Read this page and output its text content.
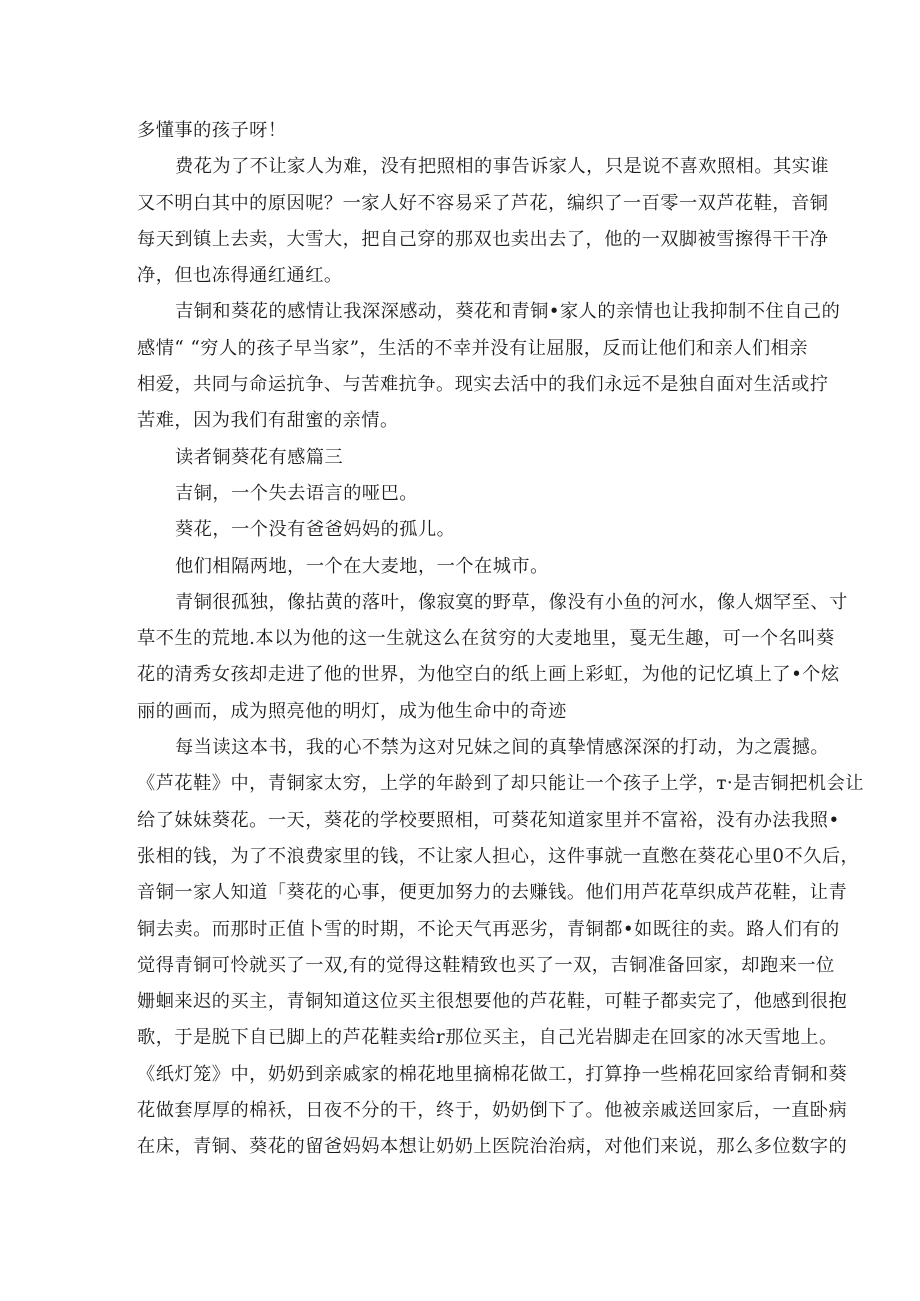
多懂事的孩子呀！
费花为了不让家人为难，没有把照相的事告诉家人，只是说不喜欢照相。其实谁
又不明白其中的原因呢？一家人好不容易采了芦花，编织了一百零一双芦花鞋，音铜
每天到镇上去卖，大雪大，把自己穿的那双也卖出去了，他的一双脚被雪擦得干干净
净，但也冻得通红通红。
吉铜和葵花的感情让我深深感动，葵花和青铜•家人的亲情也让我抑制不住自己的
感情“ “穷人的孩子早当家”，生活的不幸并没有让屈服，反而让他们和亲人们相亲
相爱，共同与命运抗争、与苦难抗争。现实去活中的我们永远不是独自面对生活或拧
苦难，因为我们有甜蜜的亲情。
读者铜葵花有感篇三
吉铜，一个失去语言的哑巴。
葵花，一个没有爸爸妈妈的孤儿。
他们相隔两地，一个在大麦地，一个在城市。
青铜很孤独，像拈黄的落叶，像寂寞的野草，像没有小鱼的河水，像人烟罕至、寸
草不生的荒地.本以为他的这一生就这么在贫穷的大麦地里，戛无生趣，可一个名叫葵
花的清秀女孩却走进了他的世界，为他空白的纸上画上彩虹，为他的记忆填上了•个炫
丽的画而，成为照亮他的明灯，成为他生命中的奇迹
每当读这本书，我的心不禁为这对兄妹之间的真挚情感深深的打动，为之震撼。
《芦花鞋》中，青铜家太穷，上学的年龄到了却只能让一个孩子上学，т·是吉铜把机会让
给了妹妹葵花。一天，葵花的学校要照相，可葵花知道家里并不富裕，没有办法我照•
张相的钱，为了不浪费家里的钱，不让家人担心，这件事就一直憋在葵花心里0不久后，
音铜一家人知道「葵花的心事，便更加努力的去赚钱。他们用芦花草织成芦花鞋，让青
铜去卖。而那时正值卜雪的时期，不论天气再恶劣，青铜都•如既往的卖。路人们有的
觉得青铜可怜就买了一双,有的觉得这鞋精致也买了一双，吉铜准备回家，却跑来一位
姗蛔来迟的买主，青铜知道这位买主很想要他的芦花鞋，可鞋子都卖完了，他感到很抱
歌，于是脱下自已脚上的芦花鞋卖给r那位买主，自己光岩脚走在回家的冰天雪地上。
《纸灯笼》中，奶奶到亲戚家的棉花地里摘棉花做工，打算挣一些棉花回家给青铜和葵
花做套厚厚的棉袄，日夜不分的干，终于，奶奶倒下了。他被亲戚送回家后，一直卧病
在床，青铜、葵花的留爸妈妈本想让奶奶上医院治治病，对他们来说，那么多位数字的
